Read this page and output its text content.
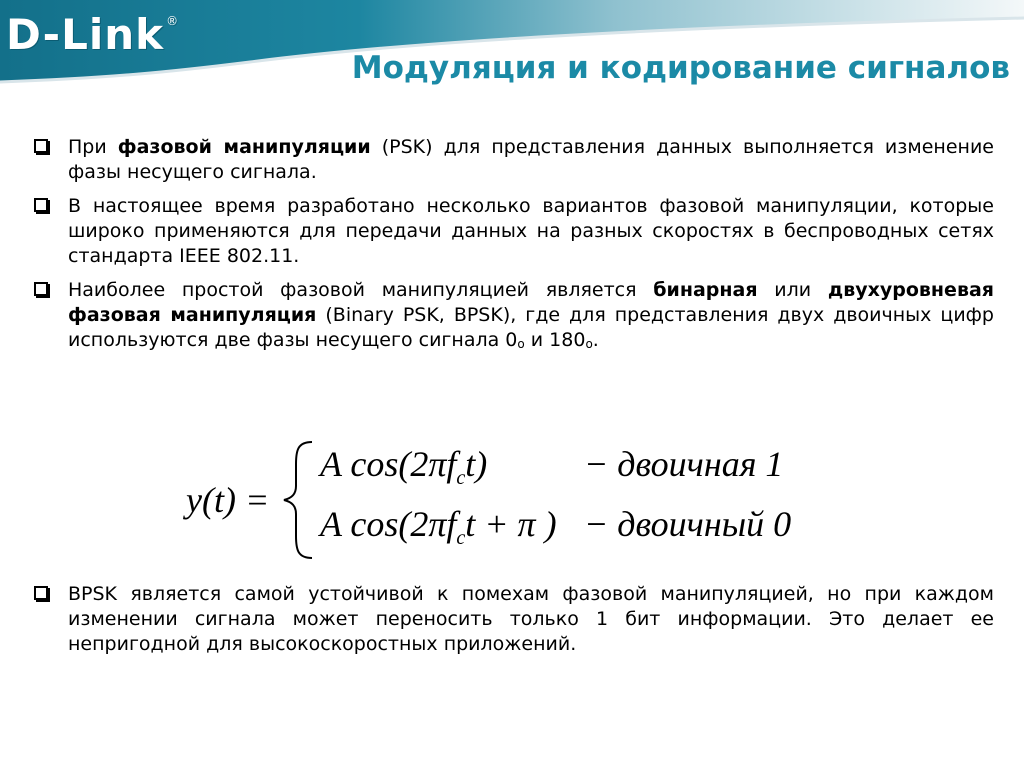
D-Link ®
Модуляция и кодирование сигналов

При фазовой манипуляции (PSK) для представления данных выполняется изменение фазы несущего сигнала.

В настоящее время разработано несколько вариантов фазовой манипуляции, которые широко применяются для передачи данных на разных скоростях в беспроводных сетях стандарта IEEE 802.11.

Наиболее простой фазовой манипуляцией является бинарная или двухуровневая фазовая манипуляция (Binary PSK, BPSK), где для представления двух двоичных цифр используются две фазы несущего сигнала 0о и 180о.

y(t) =
A $\cos(2\pi f_ct)$	− двоичная 1
A $\cos(2\pi f_ct + \pi$ ) − двоичный 0

BPSK является самой устойчивой к помехам фазовой манипуляцией, но при каждом изменении сигнала может переносить только 1 бит информации. Это делает ее непригодной для высокоскоростных приложений.
